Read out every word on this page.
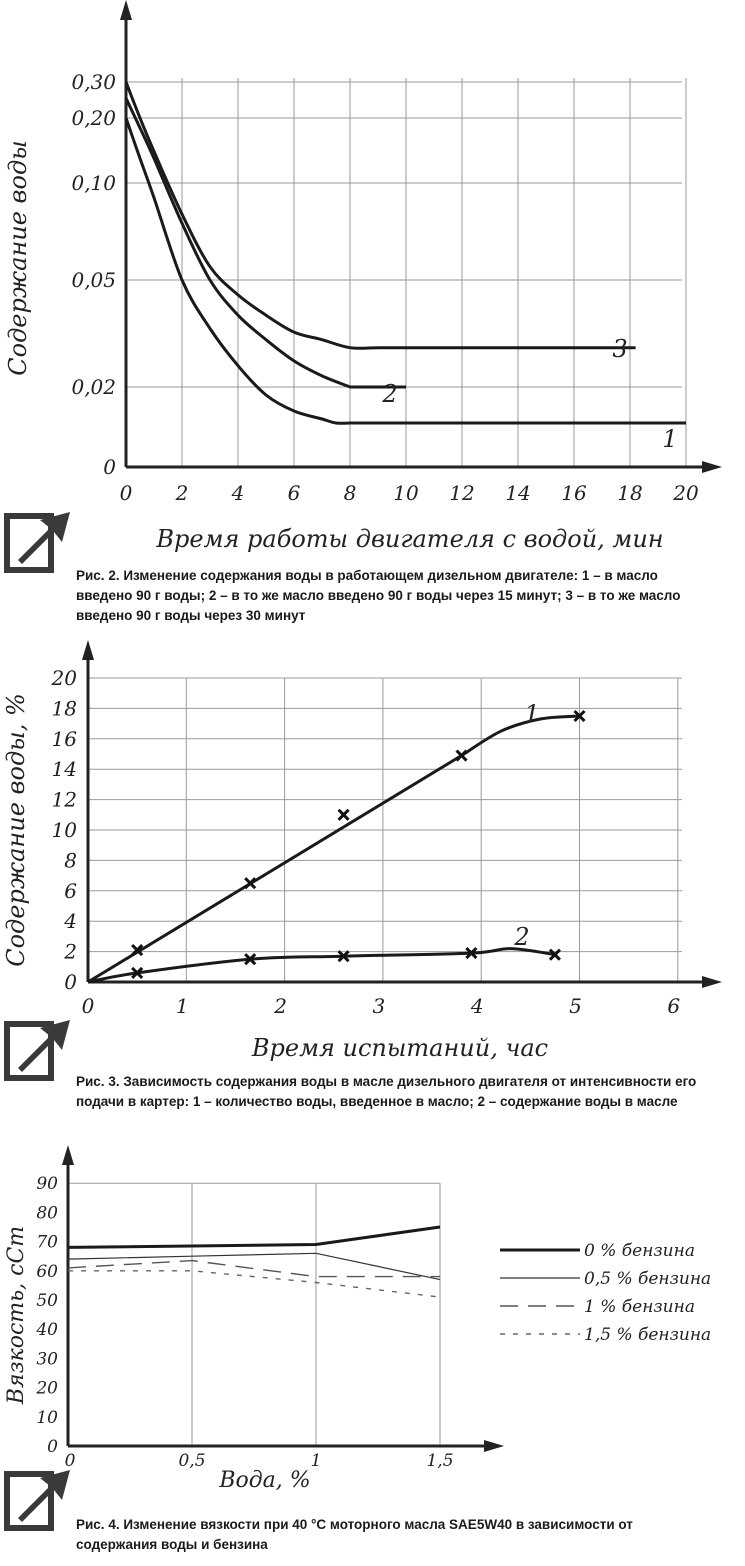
0 2 4 6 8 10 12 14 16 18 20
0
0,02
0,05
0,10
0,20
0,30
Время работы двигателя с водой, мин
Содержание воды
1
2
3

Рис. 2. Изменение содержания воды в работающем дизельном двигателе: 1 – в масло введено 90 г воды; 2 – в то же масло введено 90 г воды через 15 минут; 3 – в то же масло введено 90 г воды через 30 минут

0	1	2	3	4	5	6
0
2
4
6
8
10
12
14
16
18
20
Время испытаний, час
Содержание воды, %	1
2

Рис. 3. Зависимость содержания воды в масле дизельного двигателя от интенсивности его подачи в картер: 1 – количество воды, введенное в масло; 2 – содержание воды в масле

0	0,5	1	1,5
0
10
20
30
40
50
60
70
80
90
Вода, %
Вязкость, сСт	0 % бензина
0,5 % бензина
1 % бензина
1,5 % бензина

Рис. 4. Изменение вязкости при 40 °С моторного масла SAE5W40 в зависимости от содержания воды и бензина
